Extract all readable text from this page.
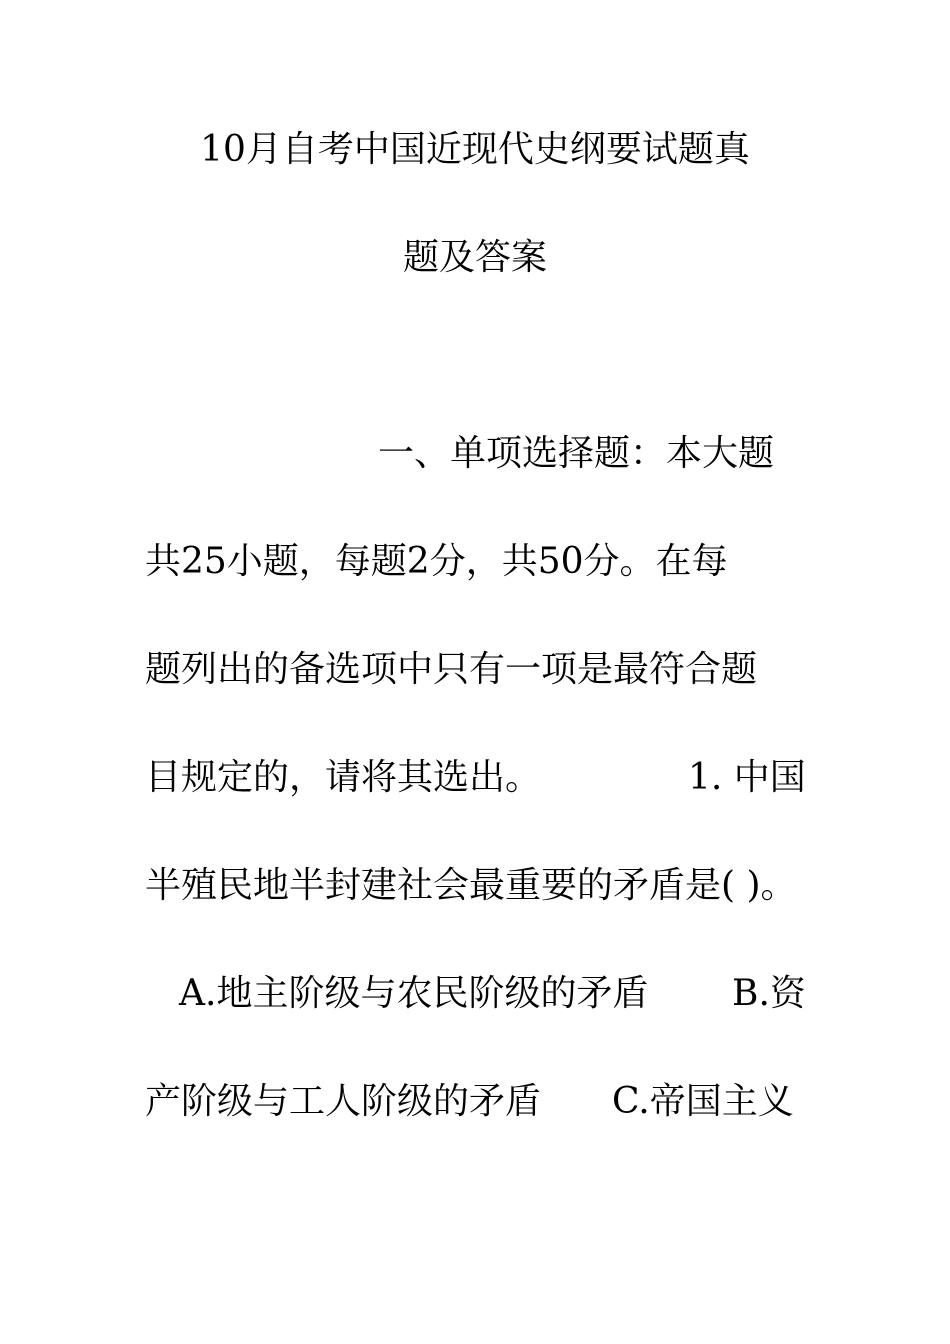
10月自考中国近现代史纲要试题真
题及答案
一、单项选择题：本大题
共25小题，每题2分，共50分。在每
题列出的备选项中只有一项是最符合题
目规定的，请将其选出。	1. 中国
半殖民地半封建社会最重要的矛盾是( )。
A.地主阶级与农民阶级的矛盾 B.资
产阶级与工人阶级的矛盾 C.帝国主义
